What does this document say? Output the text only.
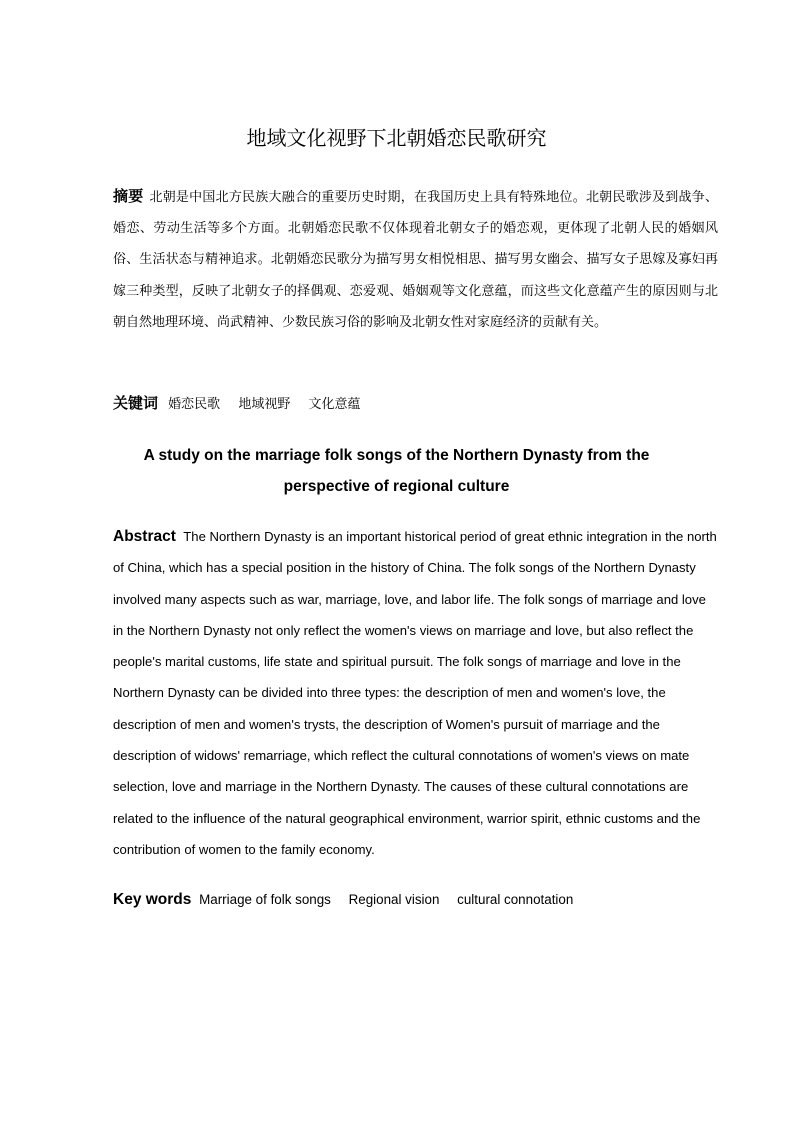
地域文化视野下北朝婚恋民歌研究
摘要 北朝是中国北方民族大融合的重要历史时期，在我国历史上具有特殊地位。北朝民歌涉及到战争、婚恋、劳动生活等多个方面。北朝婚恋民歌不仅体现着北朝女子的婚恋观，更体现了北朝人民的婚姻风俗、生活状态与精神追求。北朝婚恋民歌分为描写男女相悦相思、描写男女幽会、描写女子思嫁及寡妇再嫁三种类型，反映了北朝女子的择偶观、恋爱观、婚姻观等文化意蕴，而这些文化意蕴产生的原因则与北朝自然地理环境、尚武精神、少数民族习俗的影响及北朝女性对家庭经济的贡献有关。
关键词 婚恋民歌 地域视野 文化意蕴
A study on the marriage folk songs of the Northern Dynasty from the
perspective of regional culture
Abstract The Northern Dynasty is an important historical period of great ethnic integration in the north of China, which has a special position in the history of China. The folk songs of the Northern Dynasty involved many aspects such as war, marriage, love, and labor life. The folk songs of marriage and love in the Northern Dynasty not only reflect the women's views on marriage and love, but also reflect the people's marital customs, life state and spiritual pursuit. The folk songs of marriage and love in the Northern Dynasty can be divided into three types: the description of men and women's love, the description of men and women's trysts, the description of Women's pursuit of marriage and the description of widows' remarriage, which reflect the cultural connotations of women's views on mate selection, love and marriage in the Northern Dynasty. The causes of these cultural connotations are related to the influence of the natural geographical environment, warrior spirit, ethnic customs and the contribution of women to the family economy.
Key words Marriage of folk songs Regional vision cultural connotation
